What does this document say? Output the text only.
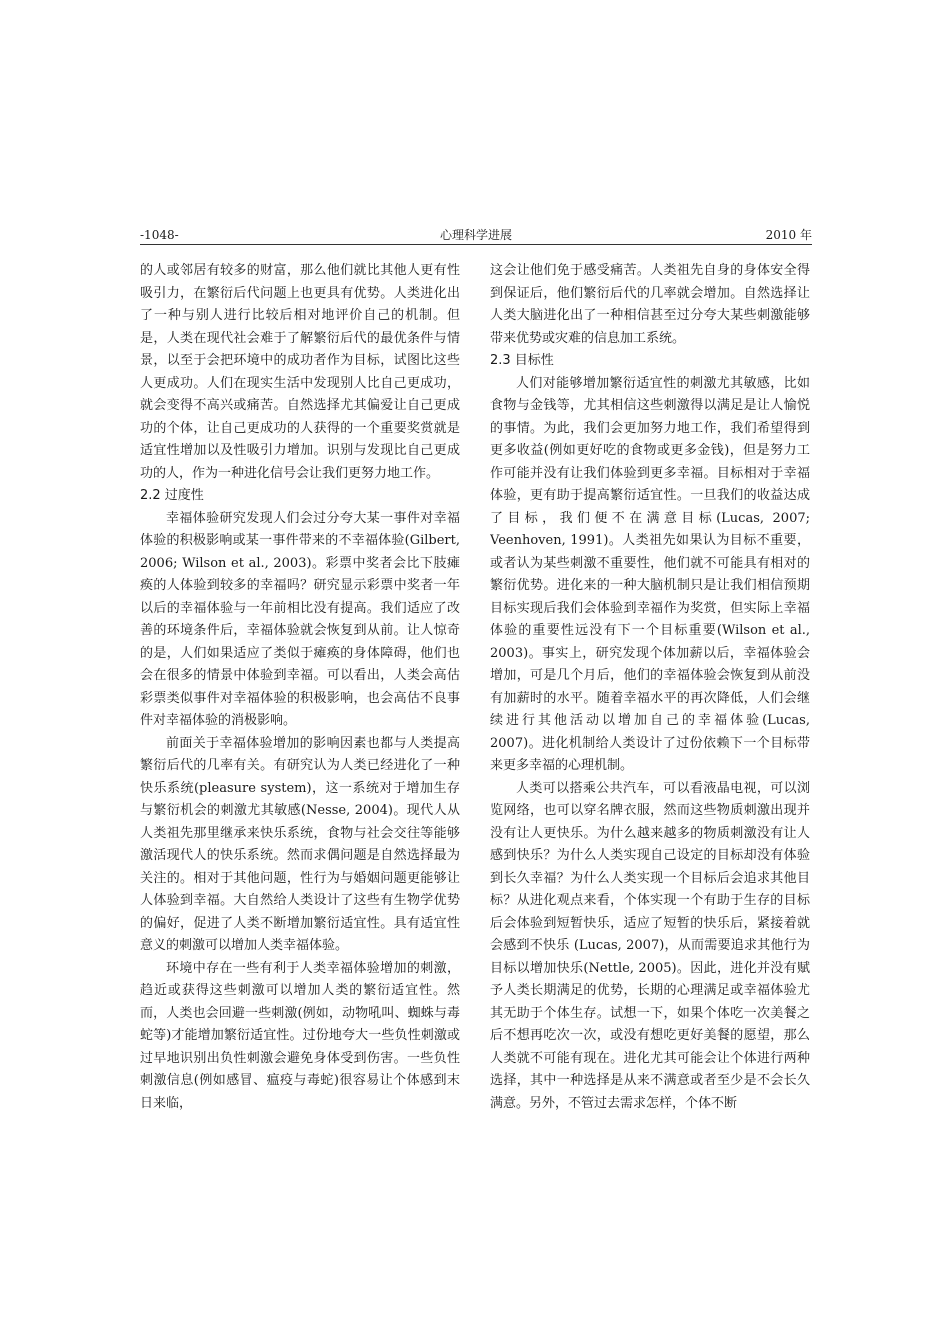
-1048-	心理科学进展	2010 年

的人或邻居有较多的财富，那么他们就比其他人更有性吸引力，在繁衍后代问题上也更具有优势。人类进化出了一种与别人进行比较后相对地评价自己的机制。但是，人类在现代社会难于了解繁衍后代的最优条件与情景，以至于会把环境中的成功者作为目标，试图比这些人更成功。人们在现实生活中发现别人比自己更成功，就会变得不高兴或痛苦。自然选择尤其偏爱让自己更成功的个体，让自己更成功的人获得的一个重要奖赏就是适宜性增加以及性吸引力增加。识别与发现比自己更成功的人，作为一种进化信号会让我们更努力地工作。

2.2 过度性

幸福体验研究发现人们会过分夸大某一事件对幸福体验的积极影响或某一事件带来的不幸福体验(Gilbert, 2006; Wilson et al., 2003)。彩票中奖者会比下肢瘫痪的人体验到较多的幸福吗？研究显示彩票中奖者一年以后的幸福体验与一年前相比没有提高。我们适应了改善的环境条件后，幸福体验就会恢复到从前。让人惊奇的是，人们如果适应了类似于瘫痪的身体障碍，他们也会在很多的情景中体验到幸福。可以看出，人类会高估彩票类似事件对幸福体验的积极影响，也会高估不良事件对幸福体验的消极影响。

前面关于幸福体验增加的影响因素也都与人类提高繁衍后代的几率有关。有研究认为人类已经进化了一种快乐系统(pleasure system)，这一系统对于增加生存与繁衍机会的刺激尤其敏感(Nesse, 2004)。现代人从人类祖先那里继承来快乐系统，食物与社会交往等能够激活现代人的快乐系统。然而求偶问题是自然选择最为关注的。相对于其他问题，性行为与婚姻问题更能够让人体验到幸福。大自然给人类设计了这些有生物学优势的偏好，促进了人类不断增加繁衍适宜性。具有适宜性意义的刺激可以增加人类幸福体验。

环境中存在一些有利于人类幸福体验增加的刺激，趋近或获得这些刺激可以增加人类的繁衍适宜性。然而，人类也会回避一些刺激(例如，动物吼叫、蜘蛛与毒蛇等)才能增加繁衍适宜性。过份地夸大一些负性刺激或过早地识别出负性刺激会避免身体受到伤害。一些负性刺激信息(例如感冒、瘟疫与毒蛇)很容易让个体感到末日来临，

这会让他们免于感受痛苦。人类祖先自身的身体安全得到保证后，他们繁衍后代的几率就会增加。自然选择让人类大脑进化出了一种相信甚至过分夸大某些刺激能够带来优势或灾难的信息加工系统。

2.3 目标性

人们对能够增加繁衍适宜性的刺激尤其敏感，比如食物与金钱等，尤其相信这些刺激得以满足是让人愉悦的事情。为此，我们会更加努力地工作，我们希望得到更多收益(例如更好吃的食物或更多金钱)，但是努力工作可能并没有让我们体验到更多幸福。目标相对于幸福体验，更有助于提高繁衍适宜性。一旦我们的收益达成了目标，我们便不在满意目标(Lucas, 2007; Veenhoven, 1991)。人类祖先如果认为目标不重要，或者认为某些刺激不重要性，他们就不可能具有相对的繁衍优势。进化来的一种大脑机制只是让我们相信预期目标实现后我们会体验到幸福作为奖赏，但实际上幸福体验的重要性远没有下一个目标重要(Wilson et al., 2003)。事实上，研究发现个体加薪以后，幸福体验会增加，可是几个月后，他们的幸福体验会恢复到从前没有加薪时的水平。随着幸福水平的再次降低，人们会继续进行其他活动以增加自己的幸福体验(Lucas, 2007)。进化机制给人类设计了过份依赖下一个目标带来更多幸福的心理机制。

人类可以搭乘公共汽车，可以看液晶电视，可以浏览网络，也可以穿名牌衣服，然而这些物质刺激出现并没有让人更快乐。为什么越来越多的物质刺激没有让人感到快乐？为什么人类实现自己设定的目标却没有体验到长久幸福？为什么人类实现一个目标后会追求其他目标？从进化观点来看，个体实现一个有助于生存的目标后会体验到短暂快乐，适应了短暂的快乐后，紧接着就会感到不快乐 (Lucas, 2007)，从而需要追求其他行为目标以增加快乐(Nettle, 2005)。因此，进化并没有赋予人类长期满足的优势，长期的心理满足或幸福体验尤其无助于个体生存。试想一下，如果个体吃一次美餐之后不想再吃次一次，或没有想吃更好美餐的愿望，那么人类就不可能有现在。进化尤其可能会让个体进行两种选择，其中一种选择是从来不满意或者至少是不会长久满意。另外，不管过去需求怎样，个体不断
